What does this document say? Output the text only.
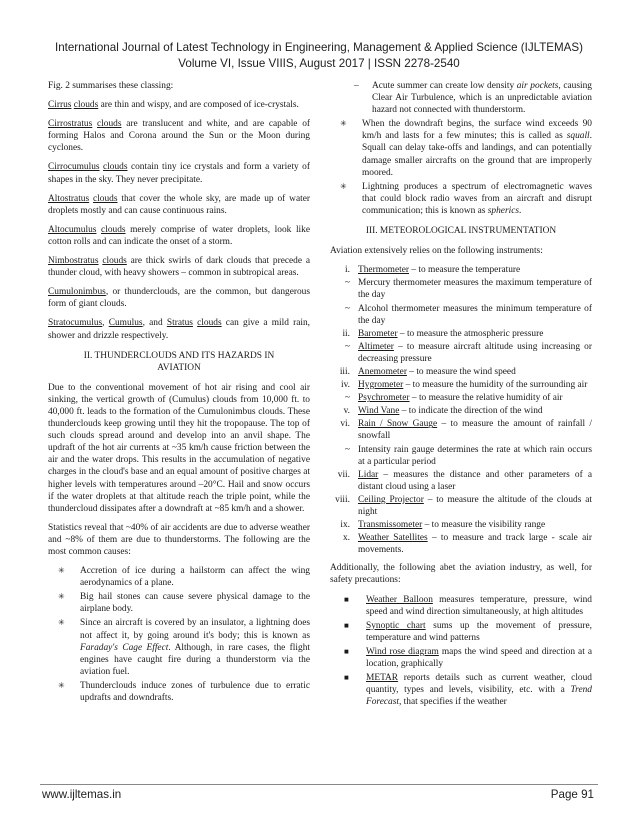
International Journal of Latest Technology in Engineering, Management & Applied Science (IJLTEMAS)
Volume VI, Issue VIIIS, August 2017 | ISSN 2278-2540
Fig. 2 summarises these classing:
Cirrus clouds are thin and wispy, and are composed of ice-crystals.
Cirrostratus clouds are translucent and white, and are capable of forming Halos and Corona around the Sun or the Moon during cyclones.
Cirrocumulus clouds contain tiny ice crystals and form a variety of shapes in the sky. They never precipitate.
Altostratus clouds that cover the whole sky, are made up of water droplets mostly and can cause continuous rains.
Altocumulus clouds merely comprise of water droplets, look like cotton rolls and can indicate the onset of a storm.
Nimbostratus clouds are thick swirls of dark clouds that precede a thunder cloud, with heavy showers – common in subtropical areas.
Cumulonimbus, or thunderclouds, are the common, but dangerous form of giant clouds.
Stratocumulus, Cumulus, and Stratus clouds can give a mild rain, shower and drizzle respectively.
II. THUNDERCLOUDS AND ITS HAZARDS IN
AVIATION
Due to the conventional movement of hot air rising and cool air sinking, the vertical growth of (Cumulus) clouds from 10,000 ft. to 40,000 ft. leads to the formation of the Cumulonimbus clouds. These thunderclouds keep growing until they hit the tropopause. The top of such clouds spread around and develop into an anvil shape. The updraft of the hot air currents at ~35 km/h cause friction between the air and the water drops. This results in the accumulation of negative charges in the cloud's base and an equal amount of positive charges at higher levels with temperatures around –20°C. Hail and snow occurs if the water droplets at that altitude reach the triple point, while the thundercloud dissipates after a downdraft at ~85 km/h and a shower.
Statistics reveal that ~40% of air accidents are due to adverse weather and ~8% of them are due to thunderstorms. The following are the most common causes:
✳ Accretion of ice during a hailstorm can affect the wing aerodynamics of a plane.
✳ Big hail stones can cause severe physical damage to the airplane body.
✳ Since an aircraft is covered by an insulator, a lightning does not affect it, by going around it's body; this is known as Faraday's Cage Effect. Although, in rare cases, the flight engines have caught fire during a thunderstorm via the aviation fuel.
✳ Thunderclouds induce zones of turbulence due to erratic updrafts and downdrafts.
– Acute summer can create low density air pockets, causing Clear Air Turbulence, which is an unpredictable aviation hazard not connected with thunderstorm.
✳ When the downdraft begins, the surface wind exceeds 90 km/h and lasts for a few minutes; this is called as squall. Squall can delay take-offs and landings, and can potentially damage smaller aircrafts on the ground that are improperly moored.
✳ Lightning produces a spectrum of electromagnetic waves that could block radio waves from an aircraft and disrupt communication; this is known as spherics.
III. METEOROLOGICAL INSTRUMENTATION
Aviation extensively relies on the following instruments:
i. Thermometer – to measure the temperature
~ Mercury thermometer measures the maximum temperature of the day
~ Alcohol thermometer measures the minimum temperature of the day
ii. Barometer – to measure the atmospheric pressure
~ Altimeter – to measure aircraft altitude using increasing or decreasing pressure
iii. Anemometer – to measure the wind speed
iv. Hygrometer – to measure the humidity of the surrounding air
~ Psychrometer – to measure the relative humidity of air
v. Wind Vane – to indicate the direction of the wind
vi. Rain / Snow Gauge – to measure the amount of rainfall / snowfall
~ Intensity rain gauge determines the rate at which rain occurs at a particular period
vii. Lidar – measures the distance and other parameters of a distant cloud using a laser
viii. Ceiling Projector – to measure the altitude of the clouds at night
ix. Transmissometer – to measure the visibility range
x. Weather Satellites – to measure and track large - scale air movements.
Additionally, the following abet the aviation industry, as well, for safety precautions:
■ Weather Balloon measures temperature, pressure, wind speed and wind direction simultaneously, at high altitudes
■ Synoptic chart sums up the movement of pressure, temperature and wind patterns
■ Wind rose diagram maps the wind speed and direction at a location, graphically
■ METAR reports details such as current weather, cloud quantity, types and levels, visibility, etc. with a Trend Forecast, that specifies if the weather
www.ijltemas.in	Page 91
